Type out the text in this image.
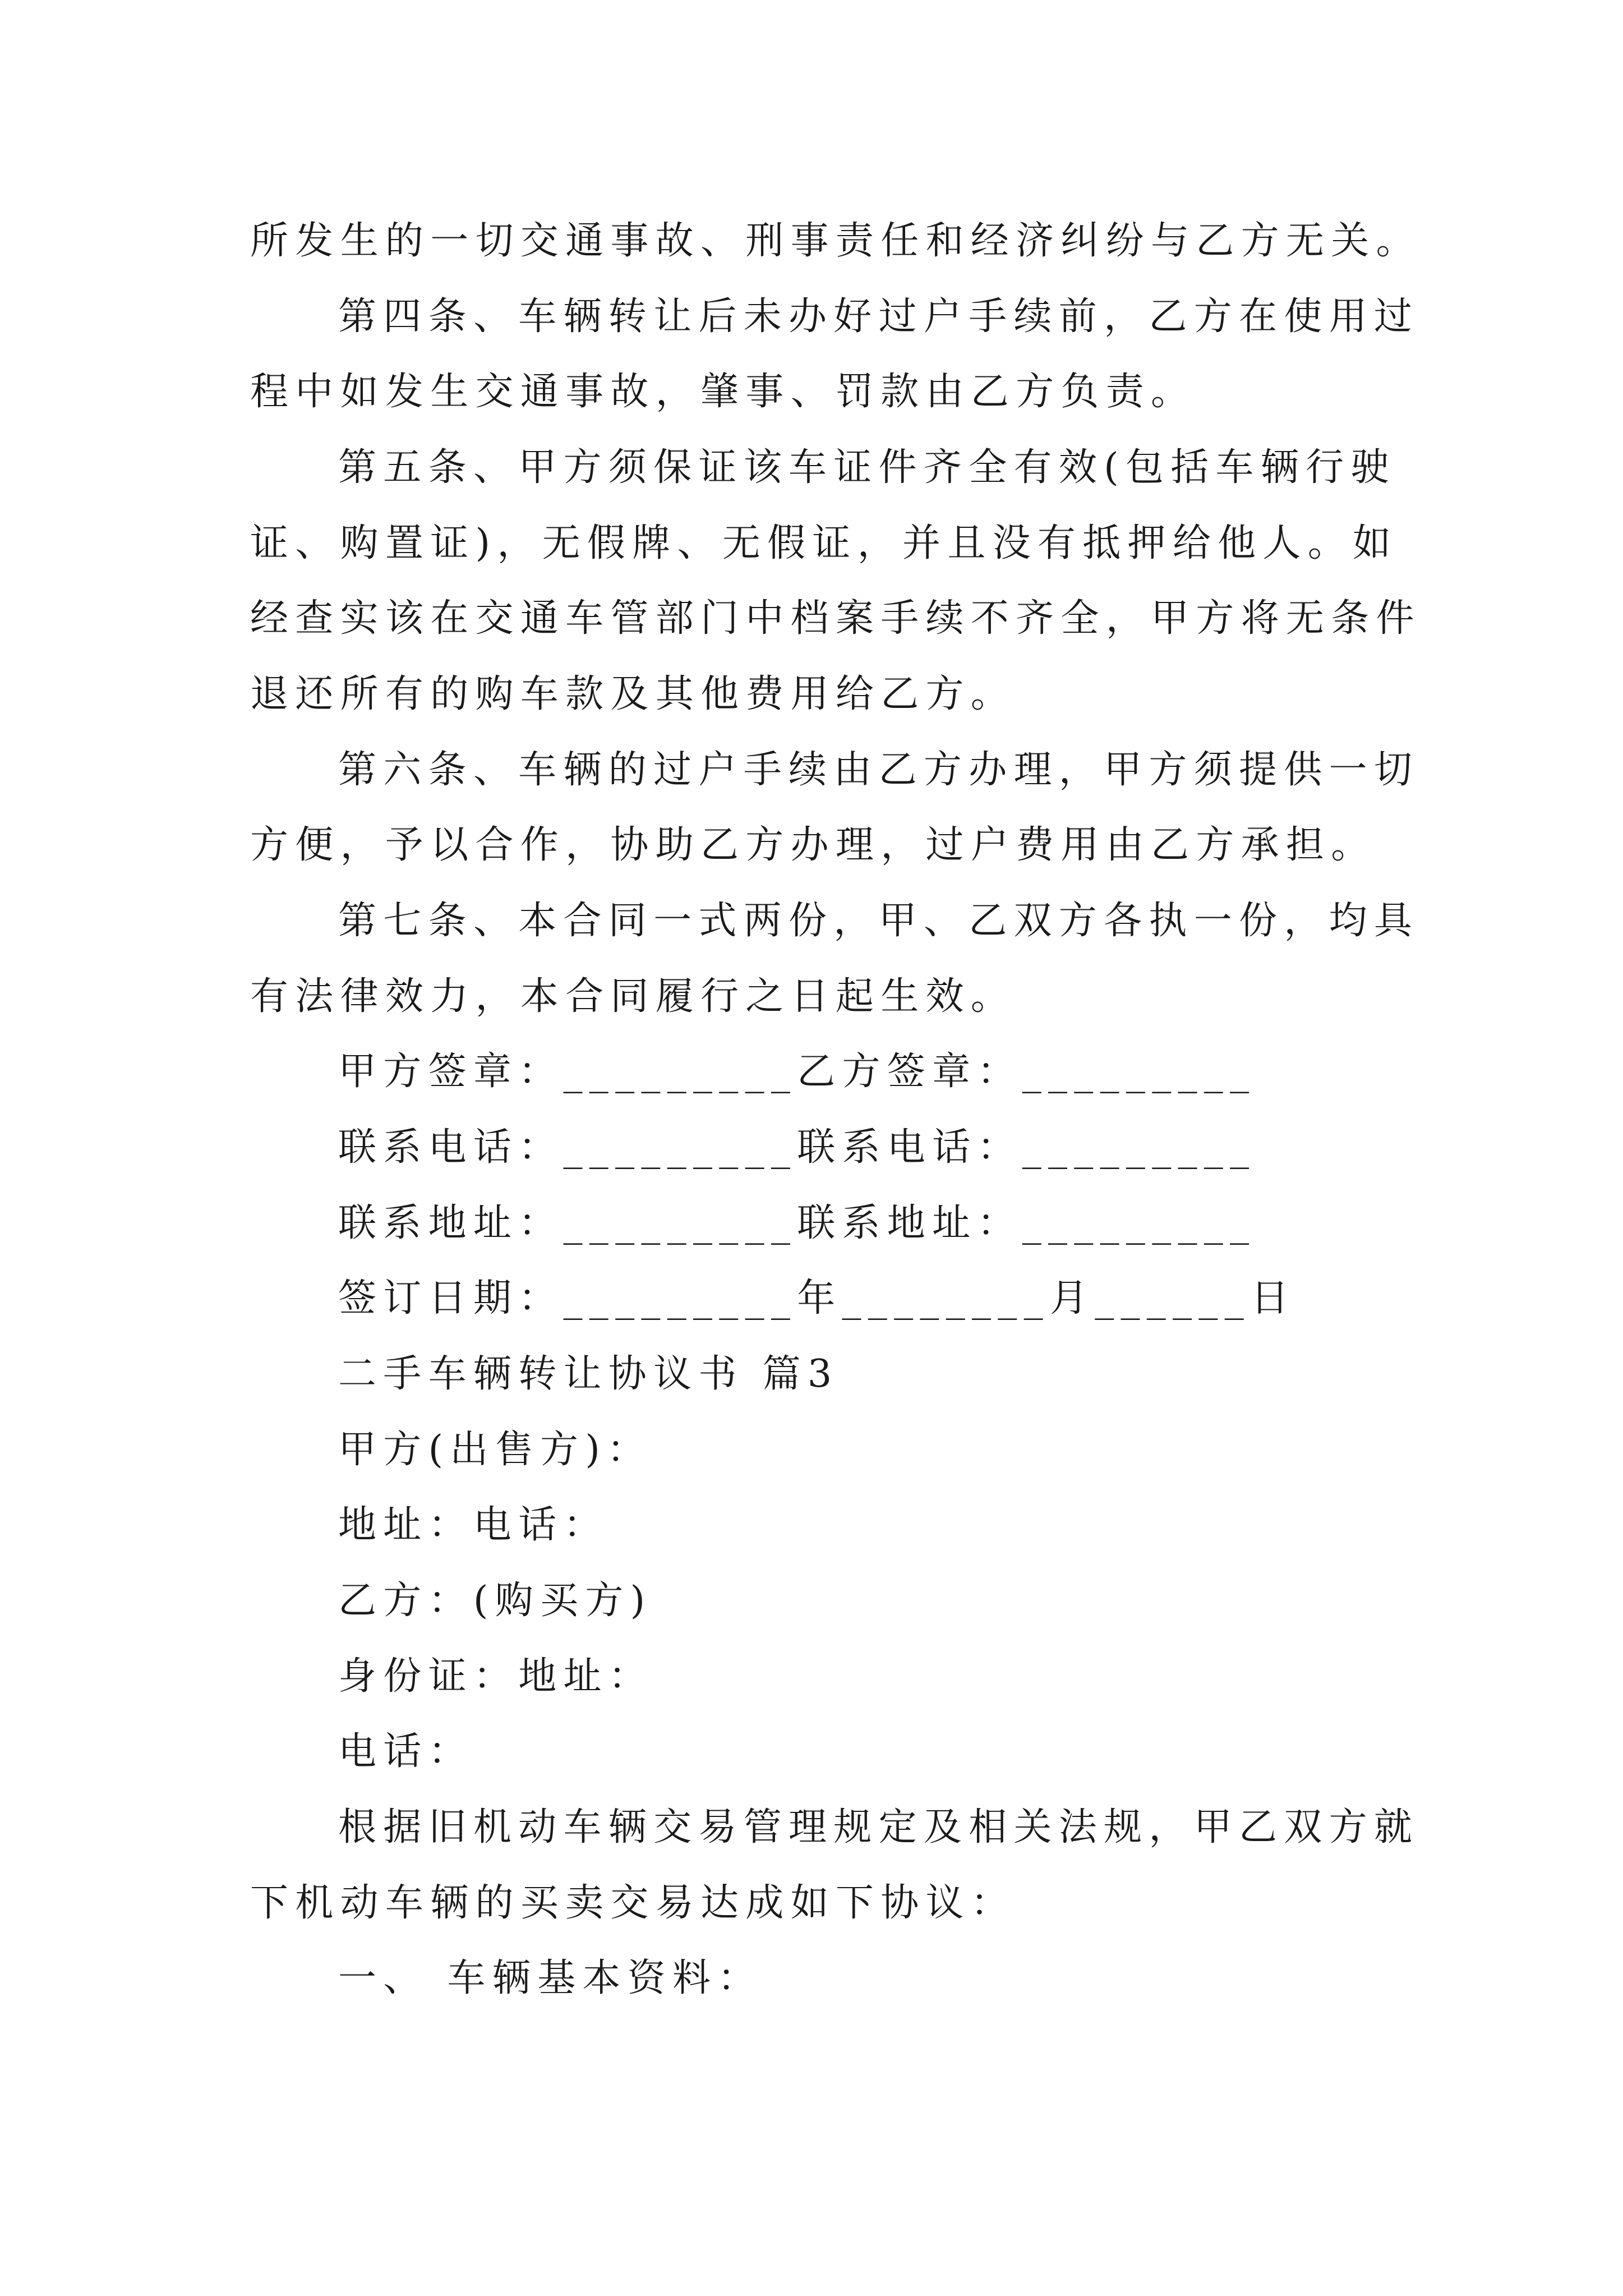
所发生的一切交通事故、刑事责任和经济纠纷与乙方无关。

第四条、车辆转让后未办好过户手续前，乙方在使用过

程中如发生交通事故，肇事、罚款由乙方负责。

第五条、甲方须保证该车证件齐全有效(包括车辆行驶

证、购置证)，无假牌、无假证，并且没有抵押给他人。如

经查实该在交通车管部门中档案手续不齐全，甲方将无条件

退还所有的购车款及其他费用给乙方。

第六条、车辆的过户手续由乙方办理，甲方须提供一切

方便，予以合作，协助乙方办理，过户费用由乙方承担。

第七条、本合同一式两份，甲、乙双方各执一份，均具

有法律效力，本合同履行之日起生效。

甲方签章：_________乙方签章：_________

联系电话：_________联系电话：_________

联系地址：_________联系地址：_________

签订日期：_________年________月______日

二手车辆转让协议书 篇3

甲方(出售方)：

地址：电话：

乙方：(购买方)

身份证：地址：

电话：

根据旧机动车辆交易管理规定及相关法规，甲乙双方就

下机动车辆的买卖交易达成如下协议：

一、 车辆基本资料：
